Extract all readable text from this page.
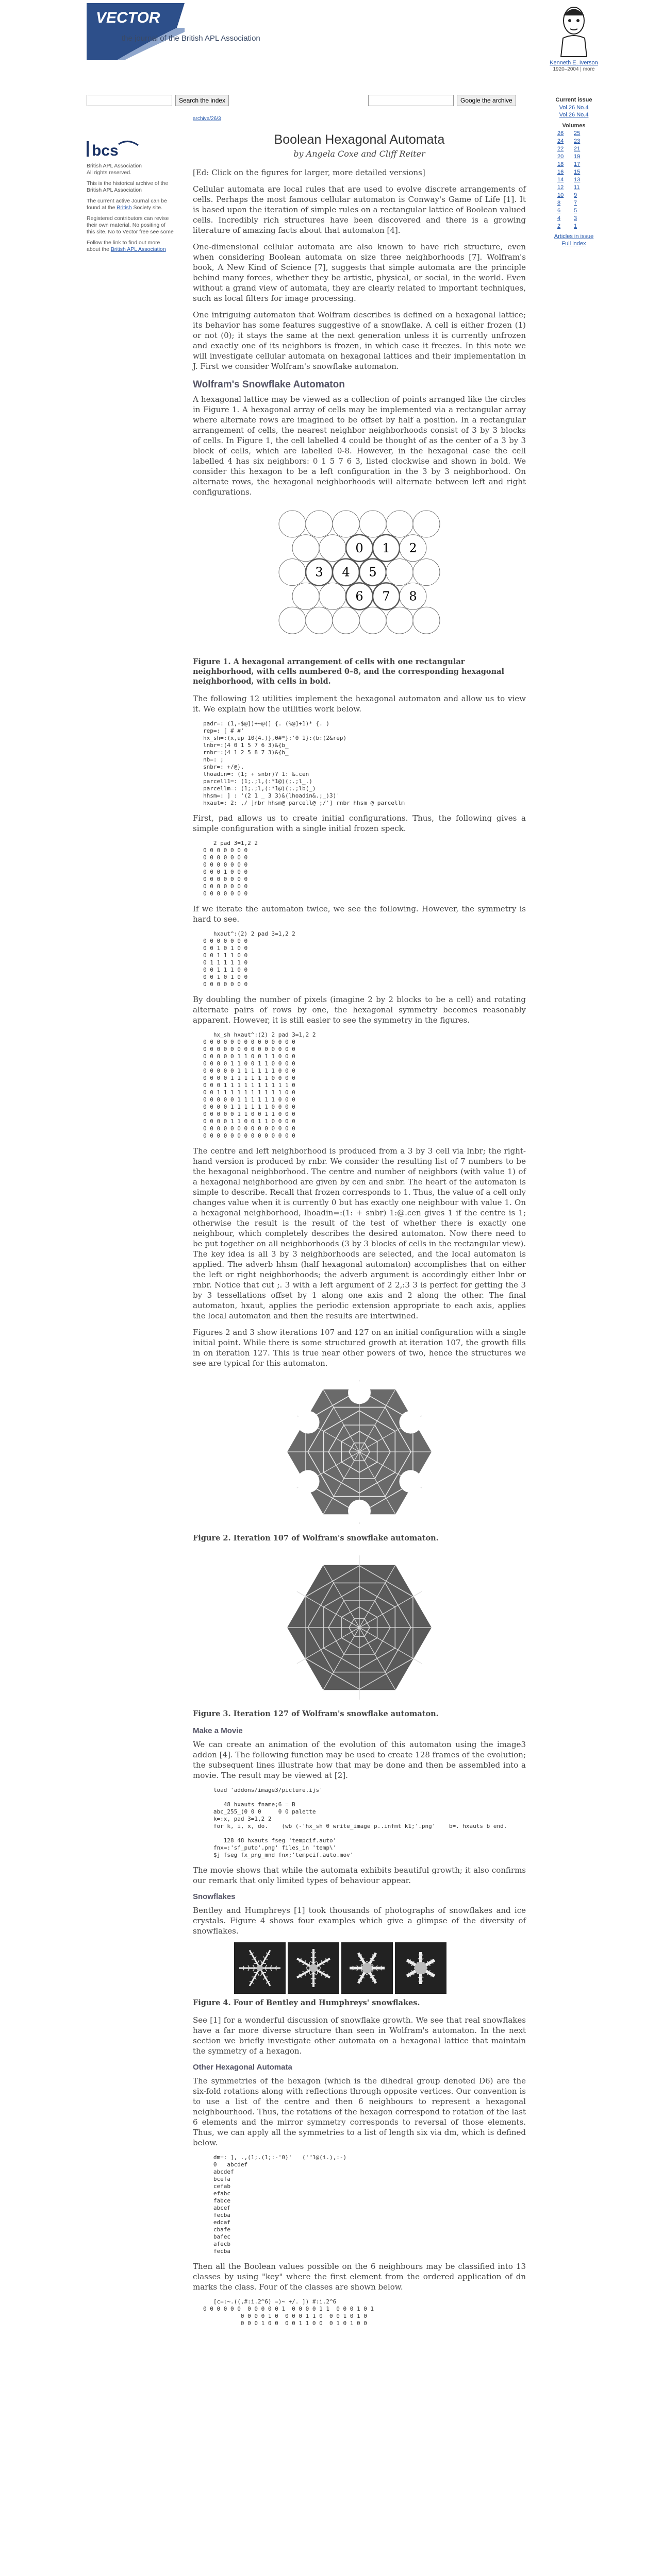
VECTOR
the journal of the British APL Association
Kenneth E. Iverson
1920–2004 | more
Search the index	Google the archive
bcs
British APL Association
All rights reserved.

This is the historical archive of the British APL Association

The current active Journal can be found at the British Society site.

Registered contributors can revise their own material. No positing of this site. No to Vector free see some

Follow the link to find out more about the British APL Association

Current issue
Vol.26 No.4
Vol.26 No.4
Volumes
26	25
24	23
22	21
20	19
18	17
16	15
14	13
12	11
10	9
8	7
6	5
4	3
2	1
Articles in issue
Full index
archive/26/3
Boolean Hexagonal Automata
by Angela Coxe and Cliff Reiter

[Ed: Click on the figures for larger, more detailed versions]

Cellular automata are local rules that are used to evolve discrete arrangements of cells. Perhaps the most famous cellular automaton is Conway's Game of Life [1]. It is based upon the iteration of simple rules on a rectangular lattice of Boolean valued cells. Incredibly rich structures have been discovered and there is a growing literature of amazing facts about that automaton [4].

One-dimensional cellular automata are also known to have rich structure, even when considering Boolean automata on size three neighborhoods [7]. Wolfram's book, A New Kind of Science [7], suggests that simple automata are the principle behind many forces, whether they be artistic, physical, or social, in the world. Even without a grand view of automata, they are clearly related to important techniques, such as local filters for image processing.

One intriguing automaton that Wolfram describes is defined on a hexagonal lattice; its behavior has some features suggestive of a snowflake. A cell is either frozen (1) or not (0); it stays the same at the next generation unless it is currently unfrozen and exactly one of its neighbors is frozen, in which case it freezes. In this note we will investigate cellular automata on hexagonal lattices and their implementation in J. First we consider Wolfram's snowflake automaton.

Wolfram's Snowflake Automaton

A hexagonal lattice may be viewed as a collection of points arranged like the circles in Figure 1. A hexagonal array of cells may be implemented via a rectangular array where alternate rows are imagined to be offset by half a position. In a rectangular arrangement of cells, the nearest neighbor neighborhoods consist of 3 by 3 blocks of cells. In Figure 1, the cell labelled 4 could be thought of as the center of a 3 by 3 block of cells, which are labelled 0-8. However, in the hexagonal case the cell labelled 4 has six neighbors: 0 1 5 7 6 3, listed clockwise and shown in bold. We consider this hexagon to be a left configuration in the 3 by 3 neighborhood. On alternate rows, the hexagonal neighborhoods will alternate between left and right configurations.

0 1 2
3 4 5
6 7 8
Figure 1. A hexagonal arrangement of cells with one rectangular neighborhood, with cells numbered 0–8, and the corresponding hexagonal neighborhood, with cells in bold.

The following 12 utilities implement the hexagonal automaton and allow us to view it. We explain how the utilities work below.

padr=: (1,-$@])+~@(] {. (%@]+1)* {. )
rep=: [ # #'
hx_sh=:(x,up 10{4.)},0#*}:'0 1}:(b:(2&rep)
lnbr=:(4 0 1 5 7 6 3)&{b_
rnbr=:(4 1 2 5 8 7 3)&{b_
nb=: ;
snbr=: +/@}.
lhoadin=: (1; + snbr)? 1: &.cen
parcell1=: (1;.;l,(:*1@)(;.;l_.)
parcellm=: (1;.;l,(:*1@)(;.;lb(_)
hhsm=: ] : '(2 1 _ 3 3)&(lhoadin&.;_)3)'
hxaut=: 2: ,/ ]nbr hhsm@ parcell@ ;/'] rnbr hhsm @ parcellm

First, pad allows us to create initial configurations. Thus, the following gives a simple configuration with a single initial frozen speck.

2 pad 3=1,2 2
0 0 0 0 0 0 0
0 0 0 0 0 0 0
0 0 0 0 0 0 0
0 0 0 1 0 0 0
0 0 0 0 0 0 0
0 0 0 0 0 0 0
0 0 0 0 0 0 0

If we iterate the automaton twice, we see the following. However, the symmetry is hard to see.

hxaut^:(2) 2 pad 3=1,2 2
0 0 0 0 0 0 0
0 0 1 0 1 0 0
0 0 1 1 1 0 0
0 1 1 1 1 1 0
0 0 1 1 1 0 0
0 0 1 0 1 0 0
0 0 0 0 0 0 0

By doubling the number of pixels (imagine 2 by 2 blocks to be a cell) and rotating alternate pairs of rows by one, the hexagonal symmetry becomes reasonably apparent. However, it is still easier to see the symmetry in the figures.

hx_sh hxaut^:(2) 2 pad 3=1,2 2
0 0 0 0 0 0 0 0 0 0 0 0 0 0
0 0 0 0 0 0 0 0 0 0 0 0 0 0
0 0 0 0 0 1 1 0 0 1 1 0 0 0
0 0 0 0 1 1 0 0 1 1 0 0 0 0
0 0 0 0 0 1 1 1 1 1 1 0 0 0
0 0 0 0 1 1 1 1 1 1 0 0 0 0
0 0 0 1 1 1 1 1 1 1 1 1 1 0
0 0 1 1 1 1 1 1 1 1 1 1 0 0
0 0 0 0 0 1 1 1 1 1 1 0 0 0
0 0 0 0 1 1 1 1 1 1 0 0 0 0
0 0 0 0 0 1 1 0 0 1 1 0 0 0
0 0 0 0 1 1 0 0 1 1 0 0 0 0
0 0 0 0 0 0 0 0 0 0 0 0 0 0
0 0 0 0 0 0 0 0 0 0 0 0 0 0

The centre and left neighborhood is produced from a 3 by 3 cell via lnbr; the right-hand version is produced by rnbr. We consider the resulting list of 7 numbers to be the hexagonal neighborhood. The centre and number of neighbors (with value 1) of a hexagonal neighborhood are given by cen and snbr. The heart of the automaton is simple to describe. Recall that frozen corresponds to 1. Thus, the value of a cell only changes value when it is currently 0 but has exactly one neighbour with value 1. On a hexagonal neighborhood, lhoadin=:(1: + snbr) 1:@.cen gives 1 if the centre is 1; otherwise the result is the result of the test of whether there is exactly one neighbour, which completely describes the desired automaton. Now there need to be put together on all neighborhoods (3 by 3 blocks of cells in the rectangular view). The key idea is all 3 by 3 neighborhoods are selected, and the local automaton is applied. The adverb hhsm (half hexagonal automaton) accomplishes that on either the left or right neighborhoods; the adverb argument is accordingly either lnbr or rnbr. Notice that cut ;. 3 with a left argument of 2 2,:3 3 is perfect for getting the 3 by 3 tessellations offset by 1 along one axis and 2 along the other. The final automaton, hxaut, applies the periodic extension appropriate to each axis, applies the local automaton and then the results are intertwined.

Figures 2 and 3 show iterations 107 and 127 on an initial configuration with a single initial point. While there is some structured growth at iteration 107, the growth fills in on iteration 127. This is true near other powers of two, hence the structures we see are typical for this automaton.

Figure 2. Iteration 107 of Wolfram's snowflake automaton.
Figure 3. Iteration 127 of Wolfram's snowflake automaton.
Make a Movie

We can create an animation of the evolution of this automaton using the image3 addon [4]. The following function may be used to create 128 frames of the evolution; the subsequent lines illustrate how that may be done and then be assembled into a movie. The result may be viewed at [2].

load 'addons/image3/picture.ijs'

48 hxauts fname;6 = B
abc_255_(0 0 0     0 0 palette
k=:x, pad 3=1,2 2
for k, i, x, do.    (wb (-'hx_sh 0 write_image p..infmt k1;'.png'    b=. hxauts b end.

128 48 hxauts fseg 'tempcif.auto'
fnx=:'sf_puto'.png' files_in 'temp\'
$j fseg fx_png_mnd fnx;'tempcif.auto.mov'

The movie shows that while the automata exhibits beautiful growth; it also confirms our remark that only limited types of behaviour appear.

Snowflakes

Bentley and Humphreys [1] took thousands of photographs of snowflakes and ice crystals. Figure 4 shows four examples which give a glimpse of the diversity of snowflakes.

Figure 4. Four of Bentley and Humphreys' snowflakes.

See [1] for a wonderful discussion of snowflake growth. We see that real snowflakes have a far more diverse structure than seen in Wolfram's automaton. In the next section we briefly investigate other automata on a hexagonal lattice that maintain the symmetry of a hexagon.

Other Hexagonal Automata

The symmetries of the hexagon (which is the dihedral group denoted D6) are the six-fold rotations along with reflections through opposite vertices. Our convention is to use a list of the centre and then 6 neighbours to represent a hexagonal neighbourhood. Thus, the rotations of the hexagon correspond to rotation of the last 6 elements and the mirror symmetry corresponds to reversal of those elements. Thus, we can apply all the symmetries to a list of length six via dm, which is defined below.

dm=: ], .,(1;.(1;:-'0)'   ('"1@(i.),:-)
0   abcdef
abcdef
bcefa
cefab
efabc
fabce
abcef
fecba
edcaf
cbafe
bafec
afecb
fecba

Then all the Boolean values possible on the 6 neighbours may be classified into 13 classes by using "key" where the first element from the ordered application of dn marks the class. Four of the classes are shown below.

[c=:~.((,#:i.2^6) =)~ +/. ]) #:i.2^6
0 0 0 0 0 0  0 0 0 0 0 1  0 0 0 0 1 1  0 0 0 1 0 1
0 0 0 0 1 0  0 0 0 1 1 0  0 0 1 0 1 0
0 0 0 1 0 0  0 0 1 1 0 0  0 1 0 1 0 0
